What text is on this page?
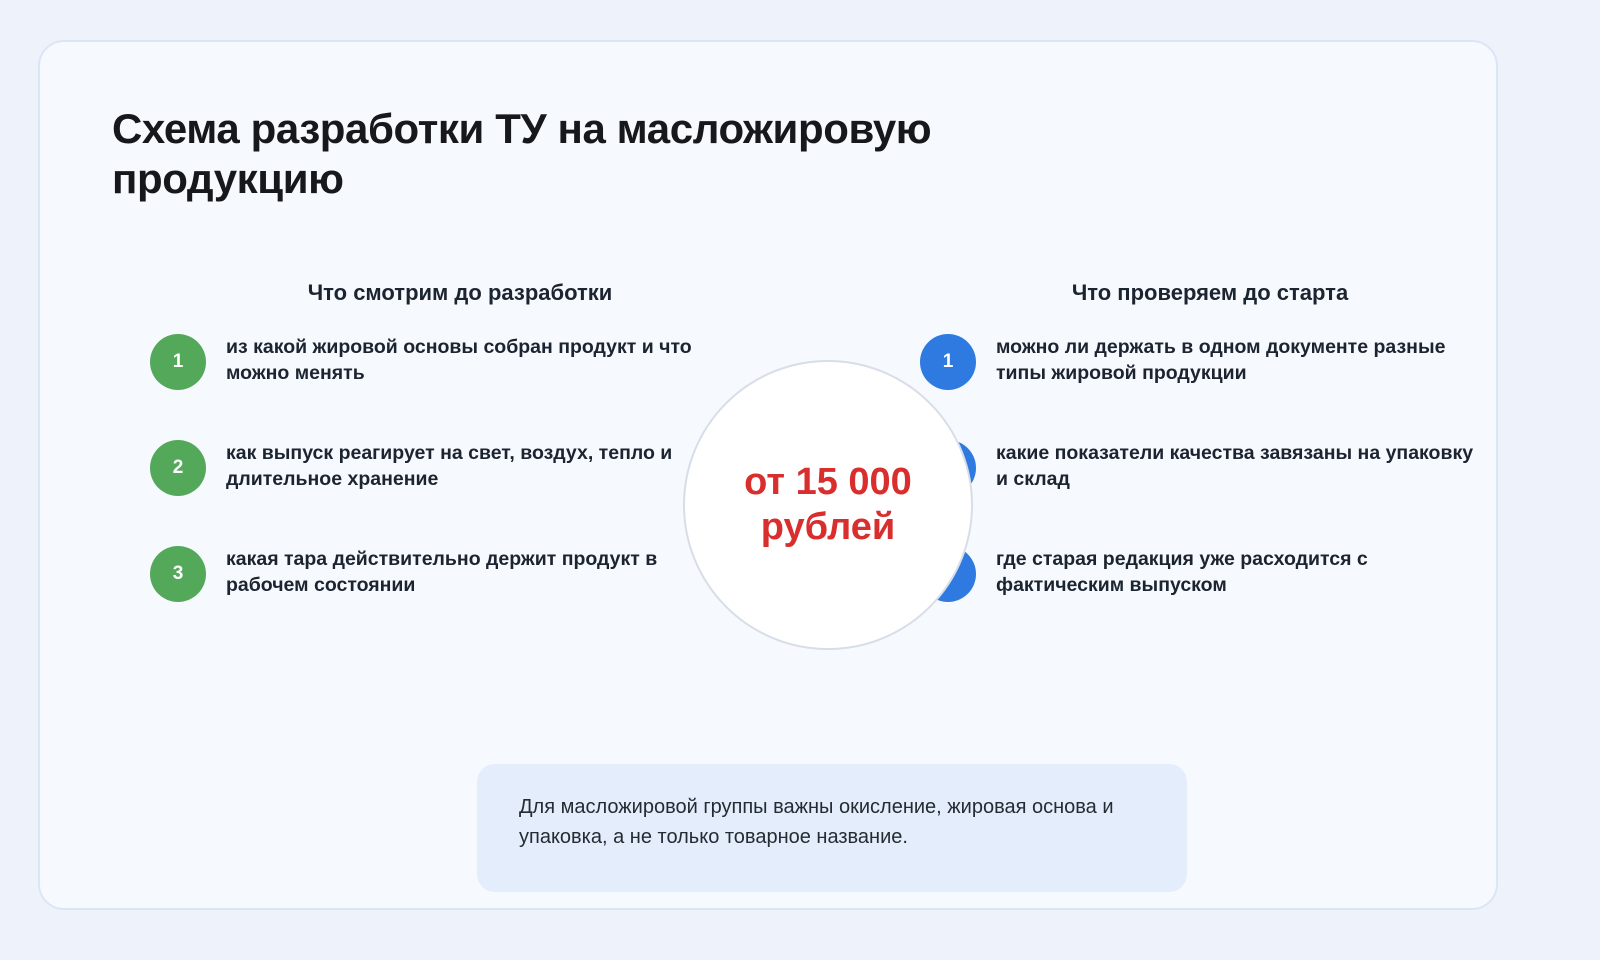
Схема разработки ТУ на масложировую продукцию
Что смотрим до разработки	Что проверяем до старта
1
из какой жировой основы собран продукт и что можно менять
2
как выпуск реагирует на свет, воздух, тепло и длительное хранение
3
какая тара действительно держит продукт в рабочем состоянии
1
можно ли держать в одном документе разные типы жировой продукции
какие показатели качества завязаны на упаковку и склад
где старая редакция уже расходится с фактическим выпуском
от 15 000 рублей
Для масложировой группы важны окисление, жировая основа и упаковка, а не только товарное название.
